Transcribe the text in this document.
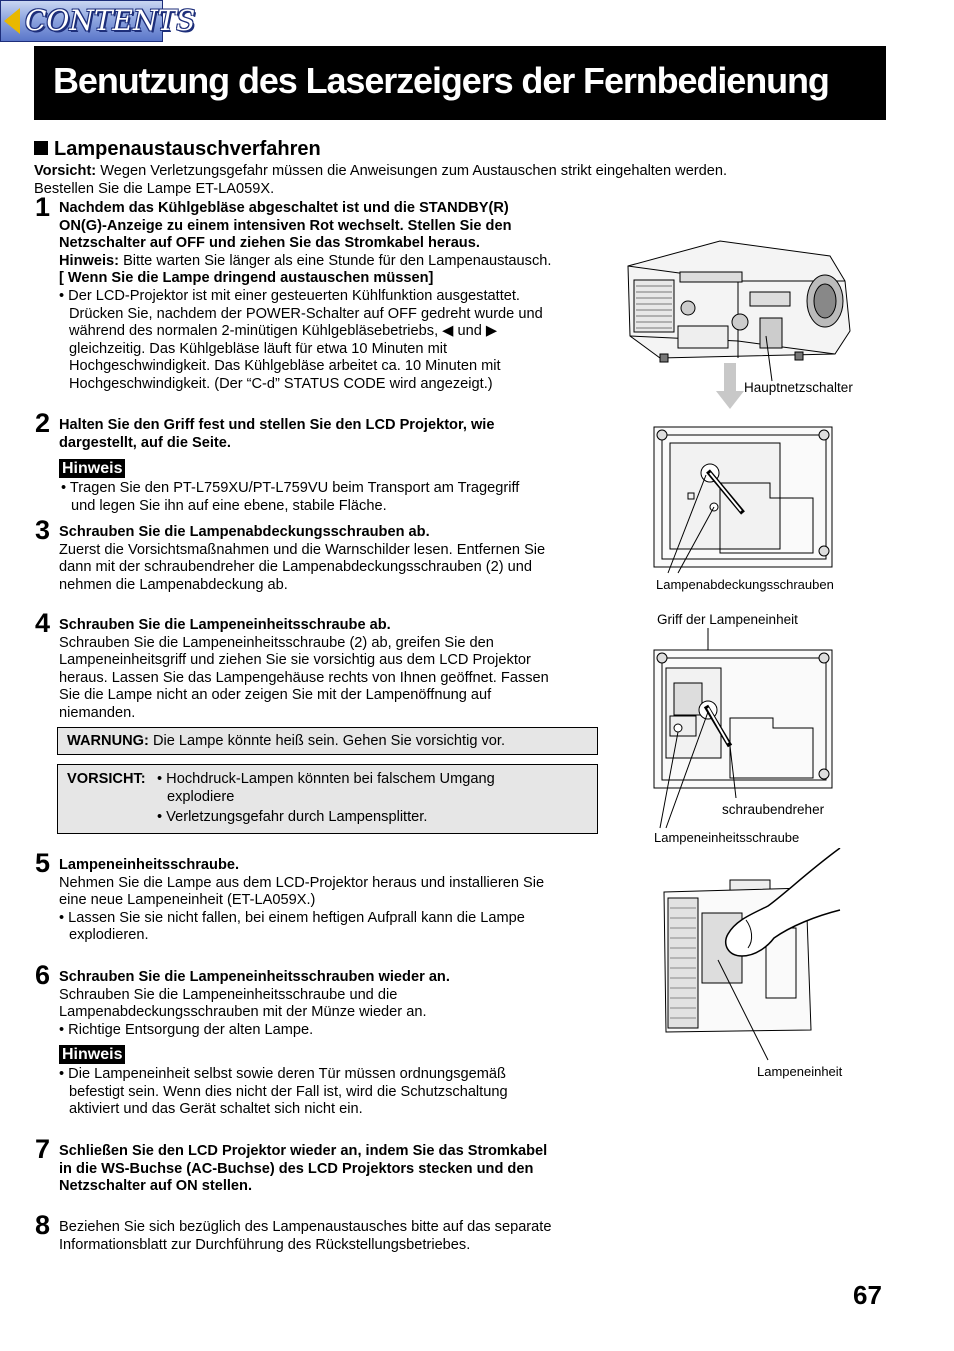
CONTENTS
Benutzung des Laserzeigers der Fernbedienung
Lampenaustauschverfahren
Vorsicht: Wegen Verletzungsgefahr müssen die Anweisungen zum Austauschen strikt eingehalten werden.
Bestellen Sie die Lampe ET-LA059X.
1 Nachdem das Kühlgebläse abgeschaltet ist und die STANDBY(R)

ON(G)-Anzeige zu einem intensiven Rot wechselt. Stellen Sie den

Netzschalter auf OFF und ziehen Sie das Stromkabel heraus.

Hinweis: Bitte warten Sie länger als eine Stunde für den Lampenaustausch.

[ Wenn Sie die Lampe dringend austauschen müssen]

• Der LCD-Projektor ist mit einer gesteuerten Kühlfunktion ausgestattet.

Drücken Sie, nachdem der POWER-Schalter auf OFF gedreht wurde und

während des normalen 2-minütigen Kühlgebläsebetriebs, ◀ und ▶

gleichzeitig. Das Kühlgebläse läuft für etwa 10 Minuten mit

Hochgeschwindigkeit. Das Kühlgebläse arbeitet ca. 10 Minuten mit

Hochgeschwindigkeit. (Der “C-d” STATUS CODE wird angezeigt.)

2 Halten Sie den Griff fest und stellen Sie den LCD Projektor, wie

dargestellt, auf die Seite.

Hinweis
• Tragen Sie den PT-L759XU/PT-L759VU beim Transport am Tragegriff
und legen Sie ihn auf eine ebene, stabile Fläche.
3 Schrauben Sie die Lampenabdeckungsschrauben ab.

Zuerst die Vorsichtsmaßnahmen und die Warnschilder lesen. Entfernen Sie

dann mit der schraubendreher die Lampenabdeckungsschrauben (2) und

nehmen die Lampenabdeckung ab.

4 Schrauben Sie die Lampeneinheitsschraube ab.

Schrauben Sie die Lampeneinheitsschraube (2) ab, greifen Sie den

Lampeneinheitsgriff und ziehen Sie sie vorsichtig aus dem LCD Projektor

heraus. Lassen Sie das Lampengehäuse rechts von Ihnen geöffnet. Fassen

Sie die Lampe nicht an oder zeigen Sie mit der Lampenöffnung auf

niemanden.

WARNUNG: Die Lampe könnte heiß sein. Gehen Sie vorsichtig vor.
VORSICHT: • Hochdruck-Lampen könnten bei falschem Umgang
explodiere
• Verletzungsgefahr durch Lampensplitter.
5 Lampeneinheitsschraube.

Nehmen Sie die Lampe aus dem LCD-Projektor heraus und installieren Sie

eine neue Lampeneinheit (ET-LA059X.)

• Lassen Sie sie nicht fallen, bei einem heftigen Aufprall kann die Lampe

explodieren.

6 Schrauben Sie die Lampeneinheitsschrauben wieder an.

Schrauben Sie die Lampeneinheitsschraube und die

Lampenabdeckungsschrauben mit der Münze wieder an.

• Richtige Entsorgung der alten Lampe.

Hinweis
• Die Lampeneinheit selbst sowie deren Tür müssen ordnungsgemäß
befestigt sein. Wenn dies nicht der Fall ist, wird die Schutzschaltung
aktiviert und das Gerät schaltet sich nicht ein.
7 Schließen Sie den LCD Projektor wieder an, indem Sie das Stromkabel

in die WS-Buchse (AC-Buchse) des LCD Projektors stecken und den

Netzschalter auf ON stellen.

8 Beziehen Sie sich bezüglich des Lampenaustausches bitte auf das separate

Informationsblatt zur Durchführung des Rückstellungsbetriebes.

Hauptnetzschalter
Lampenabdeckungsschrauben
Griff der Lampeneinheit
schraubendreher
Lampeneinheitsschraube
Lampeneinheit
67
